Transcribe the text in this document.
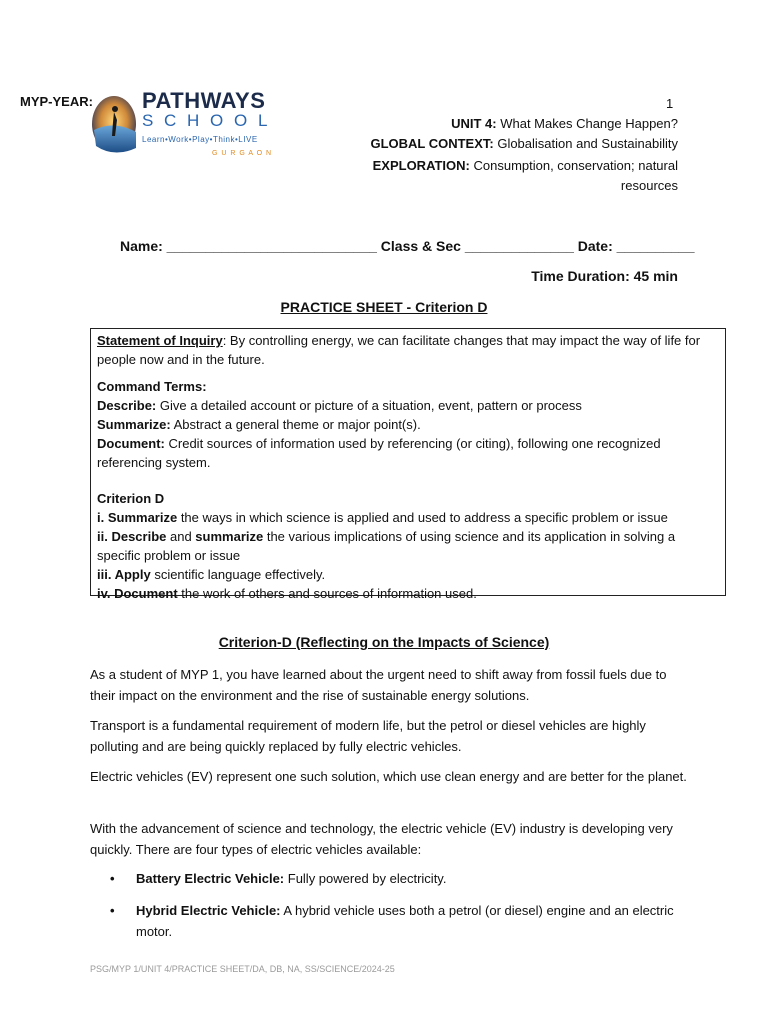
MYP-YEAR: PATHWAYS
S C H O O L
Learn•Work•Play•Think•LIVE
G U R G A O N
1
UNIT 4: What Makes Change Happen?
GLOBAL CONTEXT: Globalisation and Sustainability
EXPLORATION: Consumption, conservation; natural resources
Name: ___________________________ Class & Sec ______________ Date: __________
Time Duration: 45 min
PRACTICE SHEET - Criterion D

Statement of Inquiry: By controlling energy, we can facilitate changes that may impact the way of life for people now and in the future.

Command Terms:

Describe: Give a detailed account or picture of a situation, event, pattern or process

Summarize: Abstract a general theme or major point(s).

Document: Credit sources of information used by referencing (or citing), following one recognized referencing system.

Criterion D

i. Summarize the ways in which science is applied and used to address a specific problem or issue

ii. Describe and summarize the various implications of using science and its application in solving a specific problem or issue

iii. Apply scientific language effectively.

iv. Document the work of others and sources of information used.

Criterion-D (Reflecting on the Impacts of Science)
As a student of MYP 1, you have learned about the urgent need to shift away from fossil fuels due to their impact on the environment and the rise of sustainable energy solutions.
Transport is a fundamental requirement of modern life, but the petrol or diesel vehicles are highly polluting and are being quickly replaced by fully electric vehicles.
Electric vehicles (EV) represent one such solution, which use clean energy and are better for the planet.
With the advancement of science and technology, the electric vehicle (EV) industry is developing very quickly. There are four types of electric vehicles available:
• Battery Electric Vehicle: Fully powered by electricity.
• Hybrid Electric Vehicle: A hybrid vehicle uses both a petrol (or diesel) engine and an electric motor.
PSG/MYP 1/UNIT 4/PRACTICE SHEET/DA, DB, NA, SS/SCIENCE/2024-25
